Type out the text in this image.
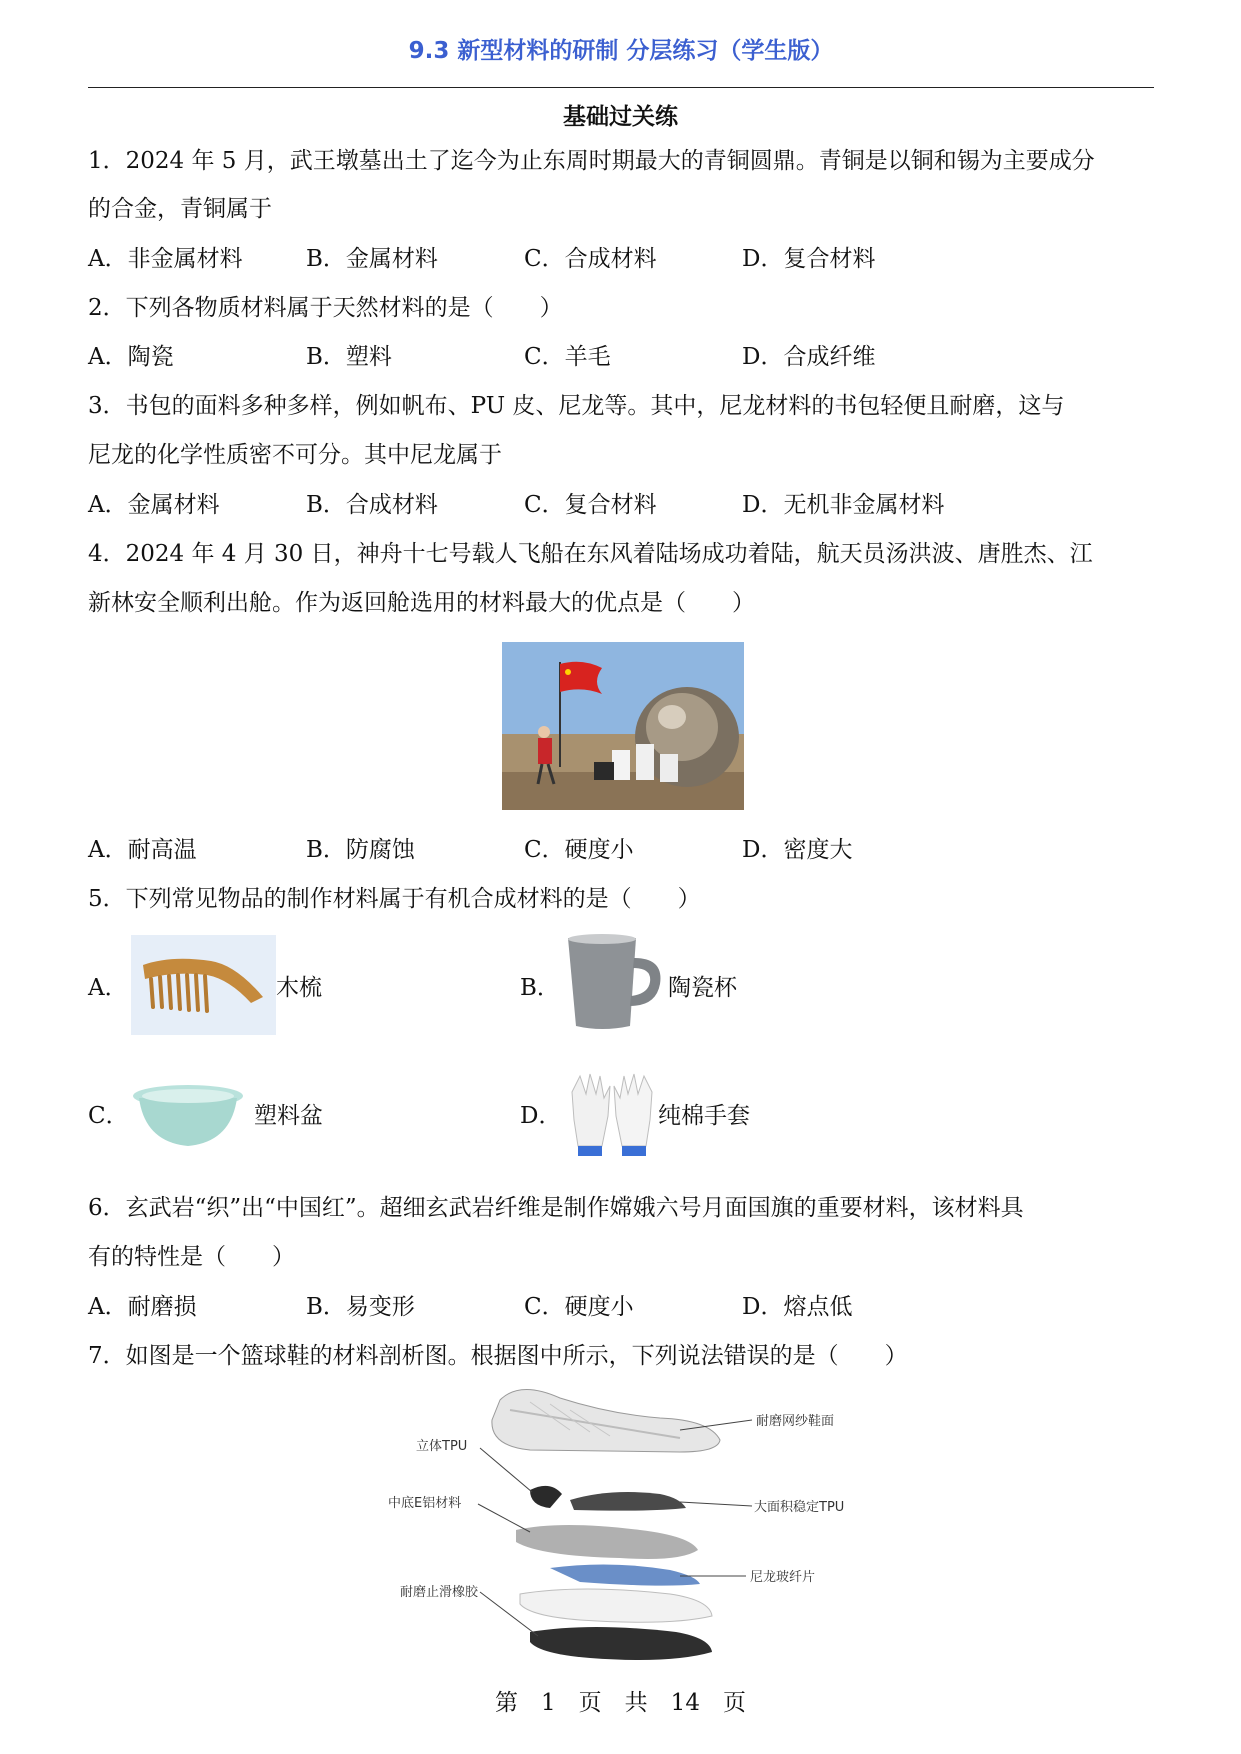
9.3 新型材料的研制 分层练习（学生版）
基础过关练
1．2024 年 5 月，武王墩墓出土了迄今为止东周时期最大的青铜圆鼎。青铜是以铜和锡为主要成分
的合金，青铜属于
A．非金属材料	B．金属材料	C．合成材料	D．复合材料
2．下列各物质材料属于天然材料的是（　　）
A．陶瓷	B．塑料	C．羊毛	D．合成纤维
3．书包的面料多种多样，例如帆布、PU 皮、尼龙等。其中，尼龙材料的书包轻便且耐磨，这与
尼龙的化学性质密不可分。其中尼龙属于
A．金属材料	B．合成材料	C．复合材料	D．无机非金属材料
4．2024 年 4 月 30 日，神舟十七号载人飞船在东风着陆场成功着陆，航天员汤洪波、唐胜杰、江
新林安全顺利出舱。作为返回舱选用的材料最大的优点是（　　）
A．耐高温	B．防腐蚀	C．硬度小	D．密度大
5．下列常见物品的制作材料属于有机合成材料的是（　　）
A．	木梳	B．	陶瓷杯
C．	塑料盆	D．	纯棉手套
6．玄武岩“织”出“中国红”。超细玄武岩纤维是制作嫦娥六号月面国旗的重要材料，该材料具
有的特性是（　　）
A．耐磨损	B．易变形	C．硬度小	D．熔点低
7．如图是一个篮球鞋的材料剖析图。根据图中所示，下列说法错误的是（　　）
耐磨网纱鞋面
立体TPU
大面积稳定TPU
中底E铝材料
尼龙玻纤片
耐磨止滑橡胶
第　1　页　共　14　页
